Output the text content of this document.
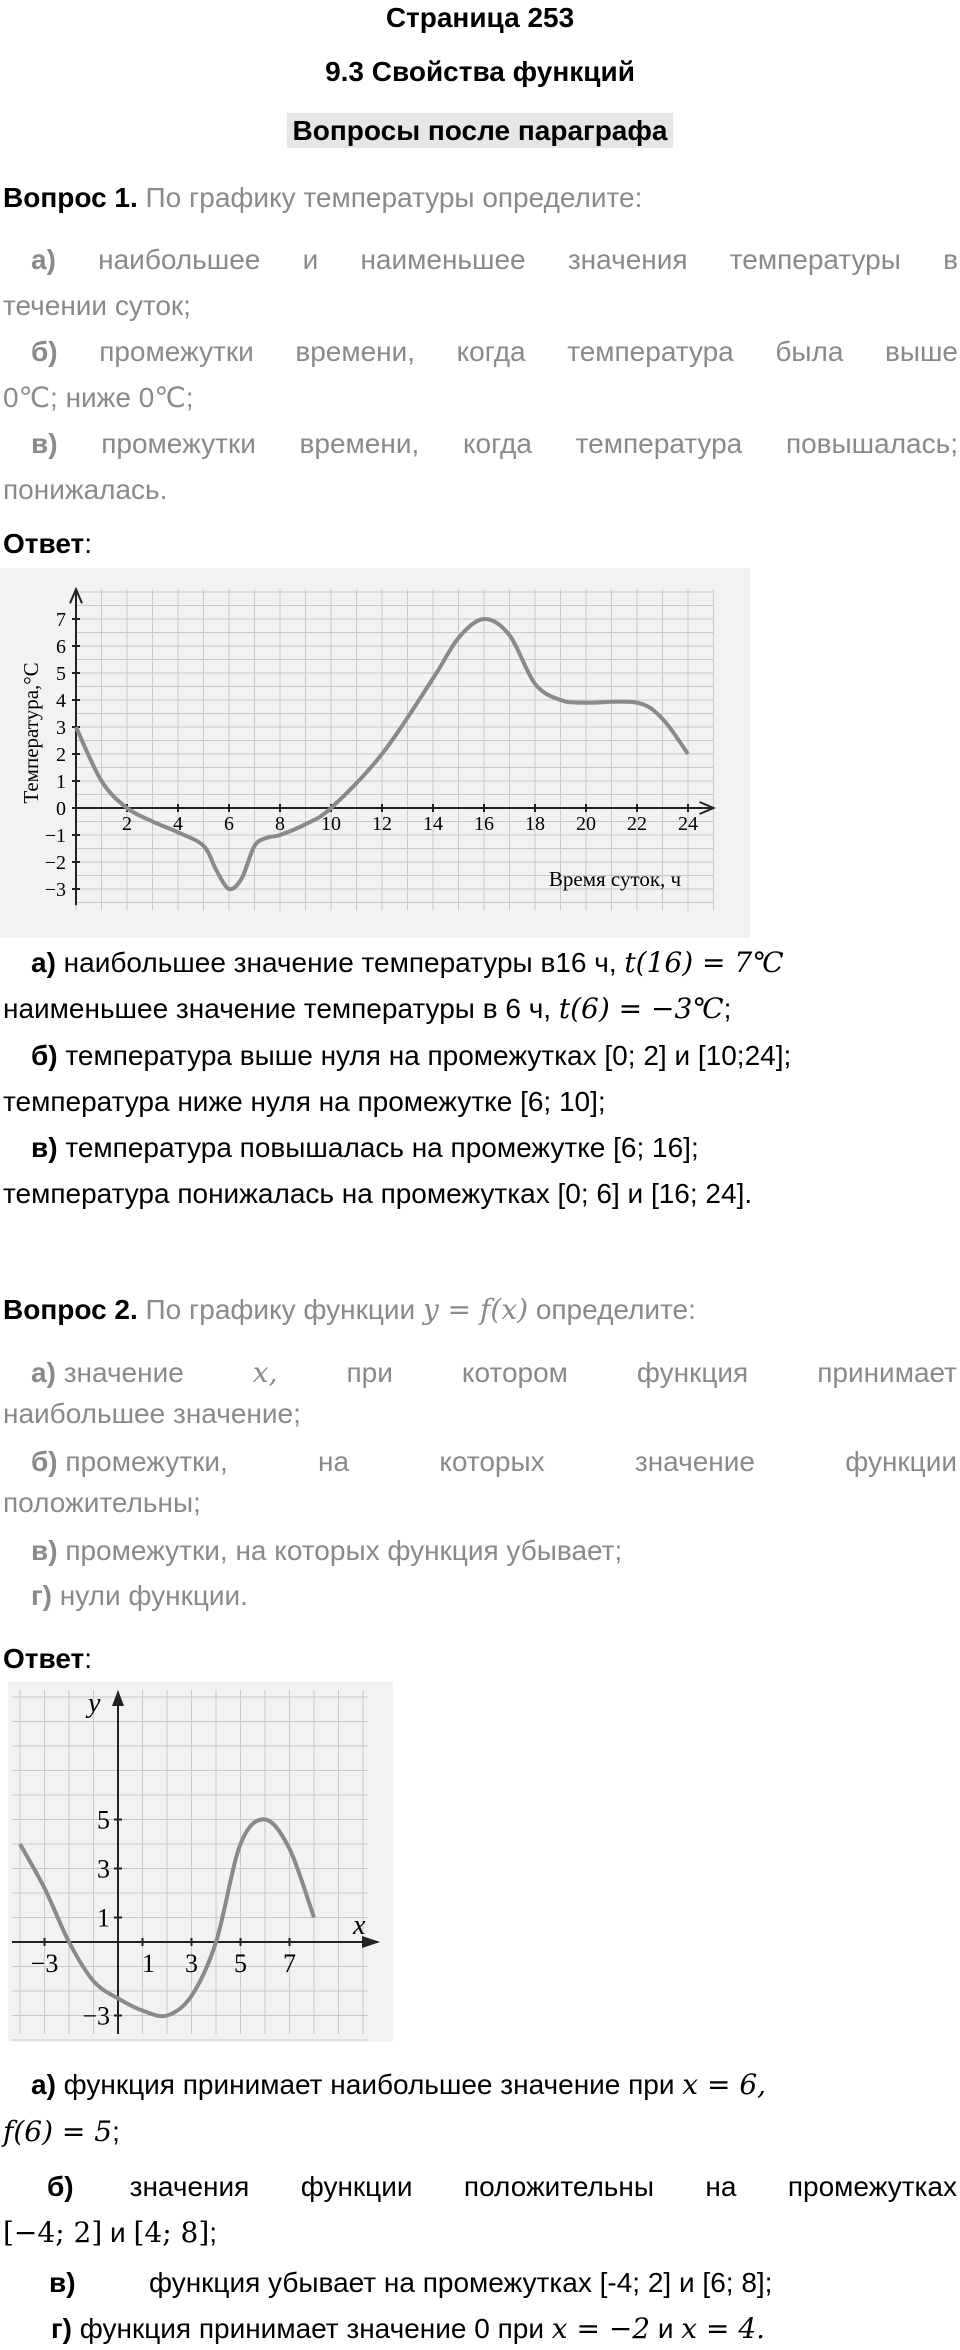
Страница 253
9.3 Свойства функций
Вопросы после параграфа
Вопрос 1. По графику температуры определите:
  а) наибольшее и наименьшее значения температуры в
течении суток;
  б) промежутки времени, когда температура была выше
0℃; ниже 0℃;
  в) промежутки времени, когда температура повышалась;
понижалась.
Ответ:
2 4 6 8 10 12 14 16 18 20 22 24
−3
−2
−1
0
1
2
3
4
5
6
7
Время суток, ч
Температура,°C
  а) наибольшее значение температуры в16 ч, t(16) = 7℃
наименьшее значение температуры в 6 ч, t(6) = −3℃;
  б) температура выше нуля на промежутках [0; 2] и [10;24];
температура ниже нуля на промежутке [6; 10];
  в) температура повышалась на промежутке [6; 16];
температура понижалась на промежутках [0; 6] и [16; 24].
Вопрос 2. По графику функции y = f(x) определите:
а) значение x, при котором функция принимает
наибольшее значение;
б) промежутки,	на	которых	значение	функции
положительны;
  в) промежутки, на которых функция убывает;
  г) нули функции.
Ответ:
−3	1 3 5 7
−3
1
3
5
y
x
  а) функция принимает наибольшее значение при x = 6,
f(6) = 5;
б) значения функции положительны на промежутках
[−4; 2] и [4; 8];
в)	функция убывает на промежутках [-4; 2] и [6; 8];
г) функция принимает значение 0 при x = −2 и x = 4.
